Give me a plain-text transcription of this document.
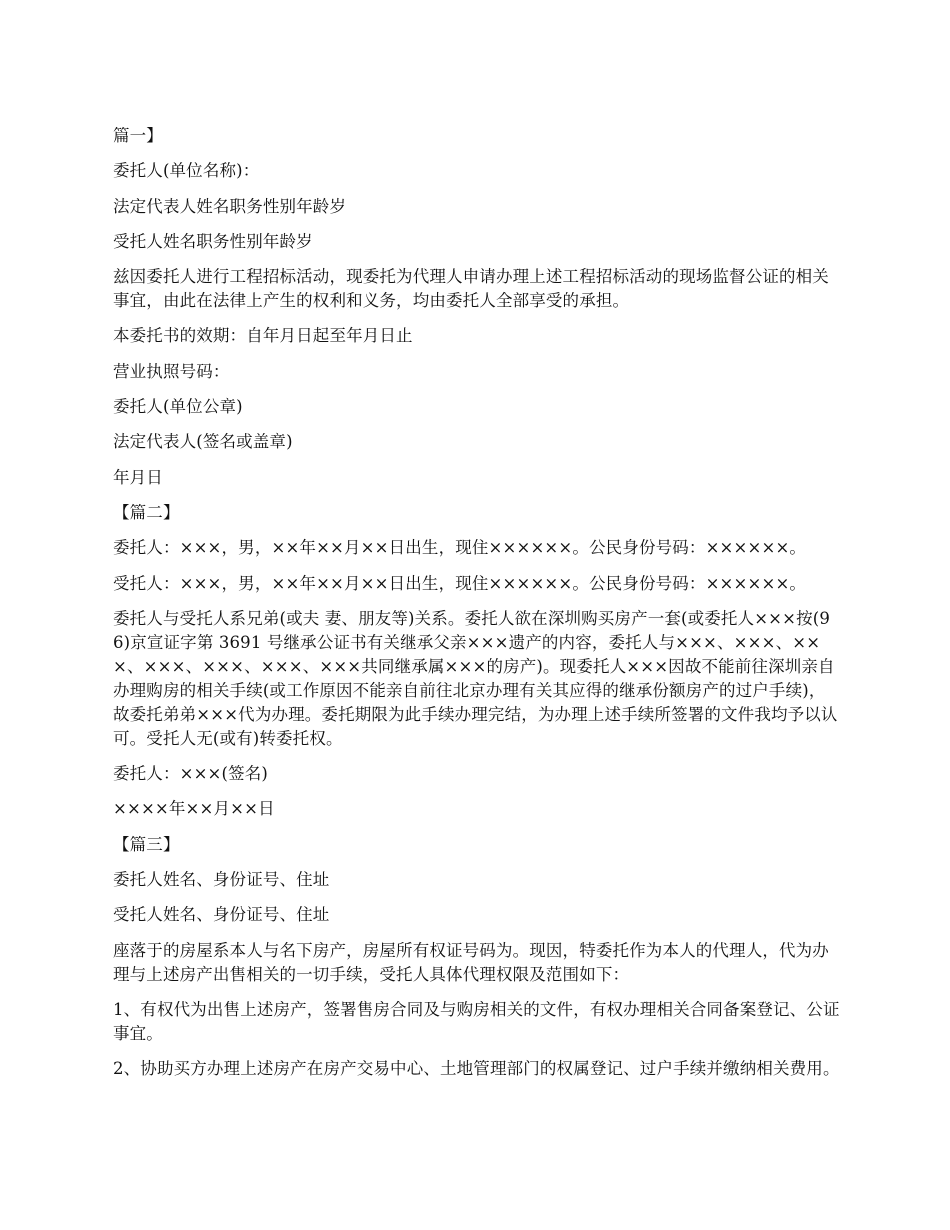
篇一】

委托人(单位名称)：

法定代表人姓名职务性别年龄岁

受托人姓名职务性别年龄岁

兹因委托人进行工程招标活动，现委托为代理人申请办理上述工程招标活动的现场监督公证的相关事宜，由此在法律上产生的权利和义务，均由委托人全部享受的承担。

本委托书的效期：自年月日起至年月日止

营业执照号码：

委托人(单位公章)

法定代表人(签名或盖章)

年月日

【篇二】

委托人：×××，男，××年××月××日出生，现住××××××。公民身份号码：××××××。

受托人：×××，男，××年××月××日出生，现住××××××。公民身份号码：××××××。

委托人与受托人系兄弟(或夫 妻、朋友等)关系。委托人欲在深圳购买房产一套(或委托人×××按(96)京宣证字第 3691 号继承公证书有关继承父亲×××遗产的内容，委托人与×××、×××、×××、×××、×××、×××、×××共同继承属×××的房产)。现委托人×××因故不能前往深圳亲自办理购房的相关手续(或工作原因不能亲自前往北京办理有关其应得的继承份额房产的过户手续)，故委托弟弟×××代为办理。委托期限为此手续办理完结，为办理上述手续所签署的文件我均予以认可。受托人无(或有)转委托权。

委托人：×××(签名)

××××年××月××日

【篇三】

委托人姓名、身份证号、住址

受托人姓名、身份证号、住址

座落于的房屋系本人与名下房产，房屋所有权证号码为。现因，特委托作为本人的代理人，代为办理与上述房产出售相关的一切手续，受托人具体代理权限及范围如下：

1、有权代为出售上述房产，签署售房合同及与购房相关的文件，有权办理相关合同备案登记、公证事宜。

2、协助买方办理上述房产在房产交易中心、土地管理部门的权属登记、过户手续并缴纳相关费用。
